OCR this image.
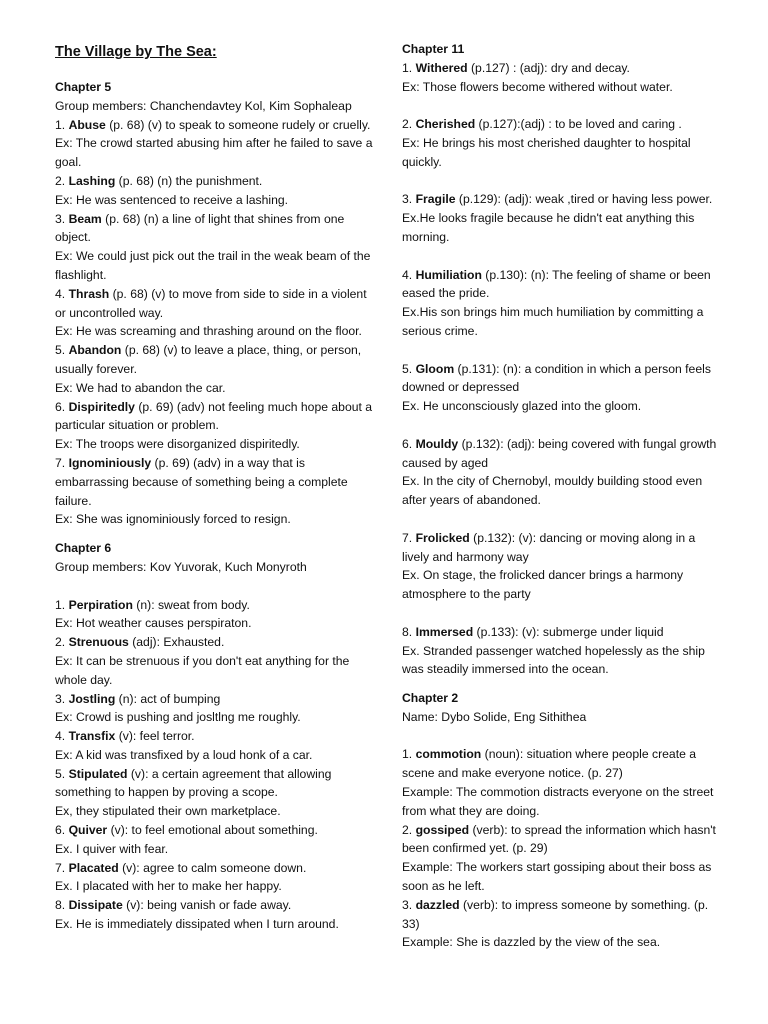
The Village by The Sea:
Chapter 5
Group members: Chanchendavtey Kol, Kim Sophaleap
1. Abuse (p. 68) (v) to speak to someone rudely or cruelly.
Ex: The crowd started abusing him after he failed to save a goal.
2. Lashing (p. 68) (n) the punishment.
Ex: He was sentenced to receive a lashing.
3. Beam (p. 68) (n) a line of light that shines from one object.
Ex: We could just pick out the trail in the weak beam of the flashlight.
4. Thrash (p. 68) (v) to move from side to side in a violent or uncontrolled way.
Ex: He was screaming and thrashing around on the floor.
5. Abandon (p. 68) (v) to leave a place, thing, or person, usually forever.
Ex: We had to abandon the car.
6. Dispiritedly (p. 69) (adv) not feeling much hope about a particular situation or problem.
Ex: The troops were disorganized dispiritedly.
7. Ignominiously (p. 69) (adv) in a way that is embarrassing because of something being a complete failure.
Ex: She was ignominiously forced to resign.
Chapter 6
Group members: Kov Yuvorak, Kuch Monyroth
1. Perpiration (n): sweat from body.
Ex: Hot weather causes perspiraton.
2. Strenuous (adj): Exhausted.
Ex: It can be strenuous if you don't eat anything for the whole day.
3. Jostling (n): act of bumping
Ex: Crowd is pushing and josltlng me roughly.
4. Transfix (v): feel terror.
Ex: A kid was transfixed by a loud honk of a car.
5. Stipulated (v): a certain agreement that allowing something to happen by proving a scope.
Ex, they stipulated their own marketplace.
6. Quiver (v): to feel emotional about something.
Ex. I quiver with fear.
7. Placated (v): agree to calm someone down.
Ex. I placated with her to make her happy.
8. Dissipate (v): being vanish or fade away.
Ex. He is immediately dissipated when I turn around.
Chapter 11
1. Withered (p.127) : (adj): dry and decay.
Ex: Those flowers become withered without water.
2. Cherished (p.127):(adj) : to be loved and caring .
Ex: He brings his most cherished daughter to hospital quickly.
3. Fragile (p.129): (adj): weak ,tired or having less power.
Ex.He looks fragile because he didn't eat anything this morning.
4. Humiliation (p.130): (n): The feeling of shame or been eased the pride.
Ex.His son brings him much humiliation by committing a serious crime.
5. Gloom (p.131): (n): a condition in which a person feels downed or depressed
Ex. He unconsciously glazed into the gloom.
6. Mouldy (p.132): (adj): being covered with fungal growth caused by aged
Ex. In the city of Chernobyl, mouldy building stood even after years of abandoned.
7. Frolicked (p.132): (v): dancing or moving along in a lively and harmony way
Ex. On stage, the frolicked dancer brings a harmony atmosphere to the party
8. Immersed (p.133): (v): submerge under liquid
Ex. Stranded passenger watched hopelessly as the ship was steadily immersed into the ocean.
Chapter 2
Name: Dybo Solide, Eng Sithithea
1. commotion (noun): situation where people create a scene and make everyone notice. (p. 27)
Example: The commotion distracts everyone on the street from what they are doing.
2. gossiped (verb): to spread the information which hasn't been confirmed yet. (p. 29)
Example: The workers start gossiping about their boss as soon as he left.
3. dazzled (verb): to impress someone by something. (p. 33)
Example: She is dazzled by the view of the sea.
